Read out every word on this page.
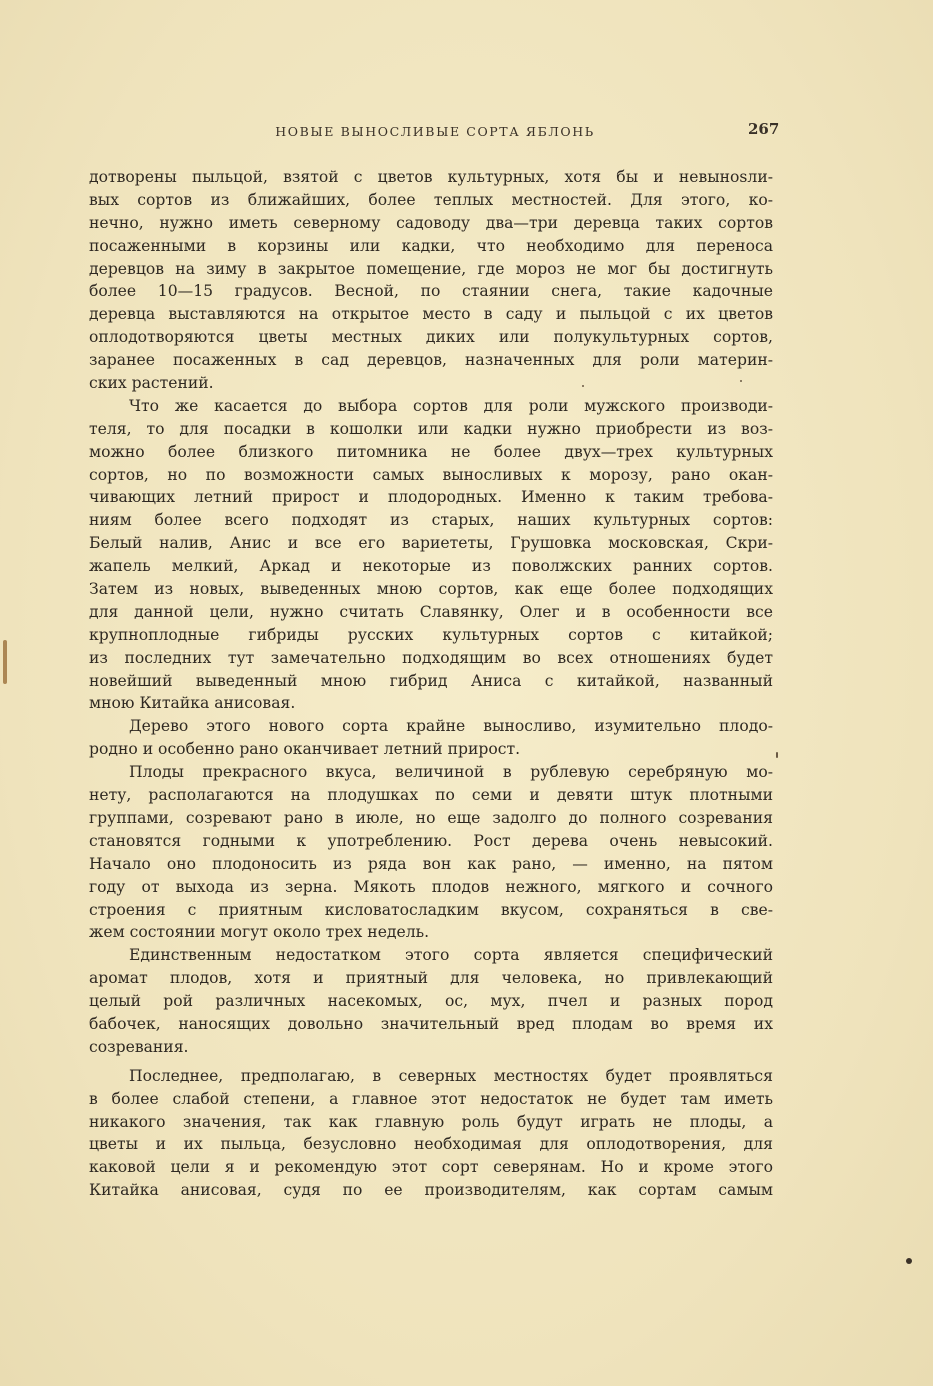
НОВЫЕ ВЫНОСЛИВЫЕ СОРТА ЯБЛОНЬ	267
дотворены пыльцой, взятой с цветов культурных, хотя бы и невынosли-
вых сортов из ближайших, более теплых местностей. Для этого, ко-
нечно, нужно иметь северному садоводу два—три деревца таких сортов
посаженными в корзины или кадки, что необходимо для переноса
деревцов на зиму в закрытое помещение, где мороз не мог бы достигнуть
более 10—15 градусов. Весной, по стаянии снега, такие кадочные
деревца выставляются на открытое место в саду и пыльцой с их цветов
оплодотворяются цветы местных диких или полукультурных сортов,
заранее посаженных в сад деревцов, назначенных для роли материн-
ских растений.
Что же касается до выбора сортов для роли мужского производи-
теля, то для посадки в кошолки или кадки нужно приобрести из воз-
можно более близкого питомника не более двух—трех культурных
сортов, но по возможности самых выносливых к морозу, рано окан-
чивающих летний прирост и плодородных. Именно к таким требова-
ниям более всего подходят из старых, наших культурных сортов:
Белый налив, Анис и все его вариететы, Грушовка московская, Скри-
жапель мелкий, Аркад и некоторые из поволжских ранних сортов.
Затем из новых, выведенных мною сортов, как еще более подходящих
для данной цели, нужно считать Славянку, Олег и в особенности все
крупноплодные гибриды русских культурных сортов с китайкой;
из последних тут замечательно подходящим во всех отношениях будет
новейший выведенный мною гибрид Аниса с китайкой, названный
мною Китайка анисовая.
Дерево этого нового сорта крайне выносливо, изумительно плодо-
родно и особенно рано оканчивает летний прирост.
Плоды прекрасного вкуса, величиной в рублевую серебряную мо-
нету, располагаются на плодушках по семи и девяти штук плотными
группами, созревают рано в июле, но еще задолго до полного созревания
становятся годными к употреблению. Рост дерева очень невысокий.
Начало оно плодоносить из ряда вон как рано, — именно, на пятом
году от выхода из зерна. Мякоть плодов нежного, мягкого и сочного
строения с приятным кисловатосладким вкусом, сохраняться в све-
жем состоянии могут около трех недель.
Единственным недостатком этого сорта является специфический
аромат плодов, хотя и приятный для человека, но привлекающий
целый рой различных насекомых, ос, мух, пчел и разных пород
бабочек, наносящих довольно значительный вред плодам во время их
созревания.
Последнее, предполагаю, в северных местностях будет проявляться
в более слабой степени, а главное этот недостаток не будет там иметь
никакого значения, так как главную роль будут играть не плоды, а
цветы и их пыльца, безусловно необходимая для оплодотворения, для
каковой цели я и рекомендую этот сорт северянам. Но и кроме этого
Китайка анисовая, судя по ее производителям, как сортам самым
